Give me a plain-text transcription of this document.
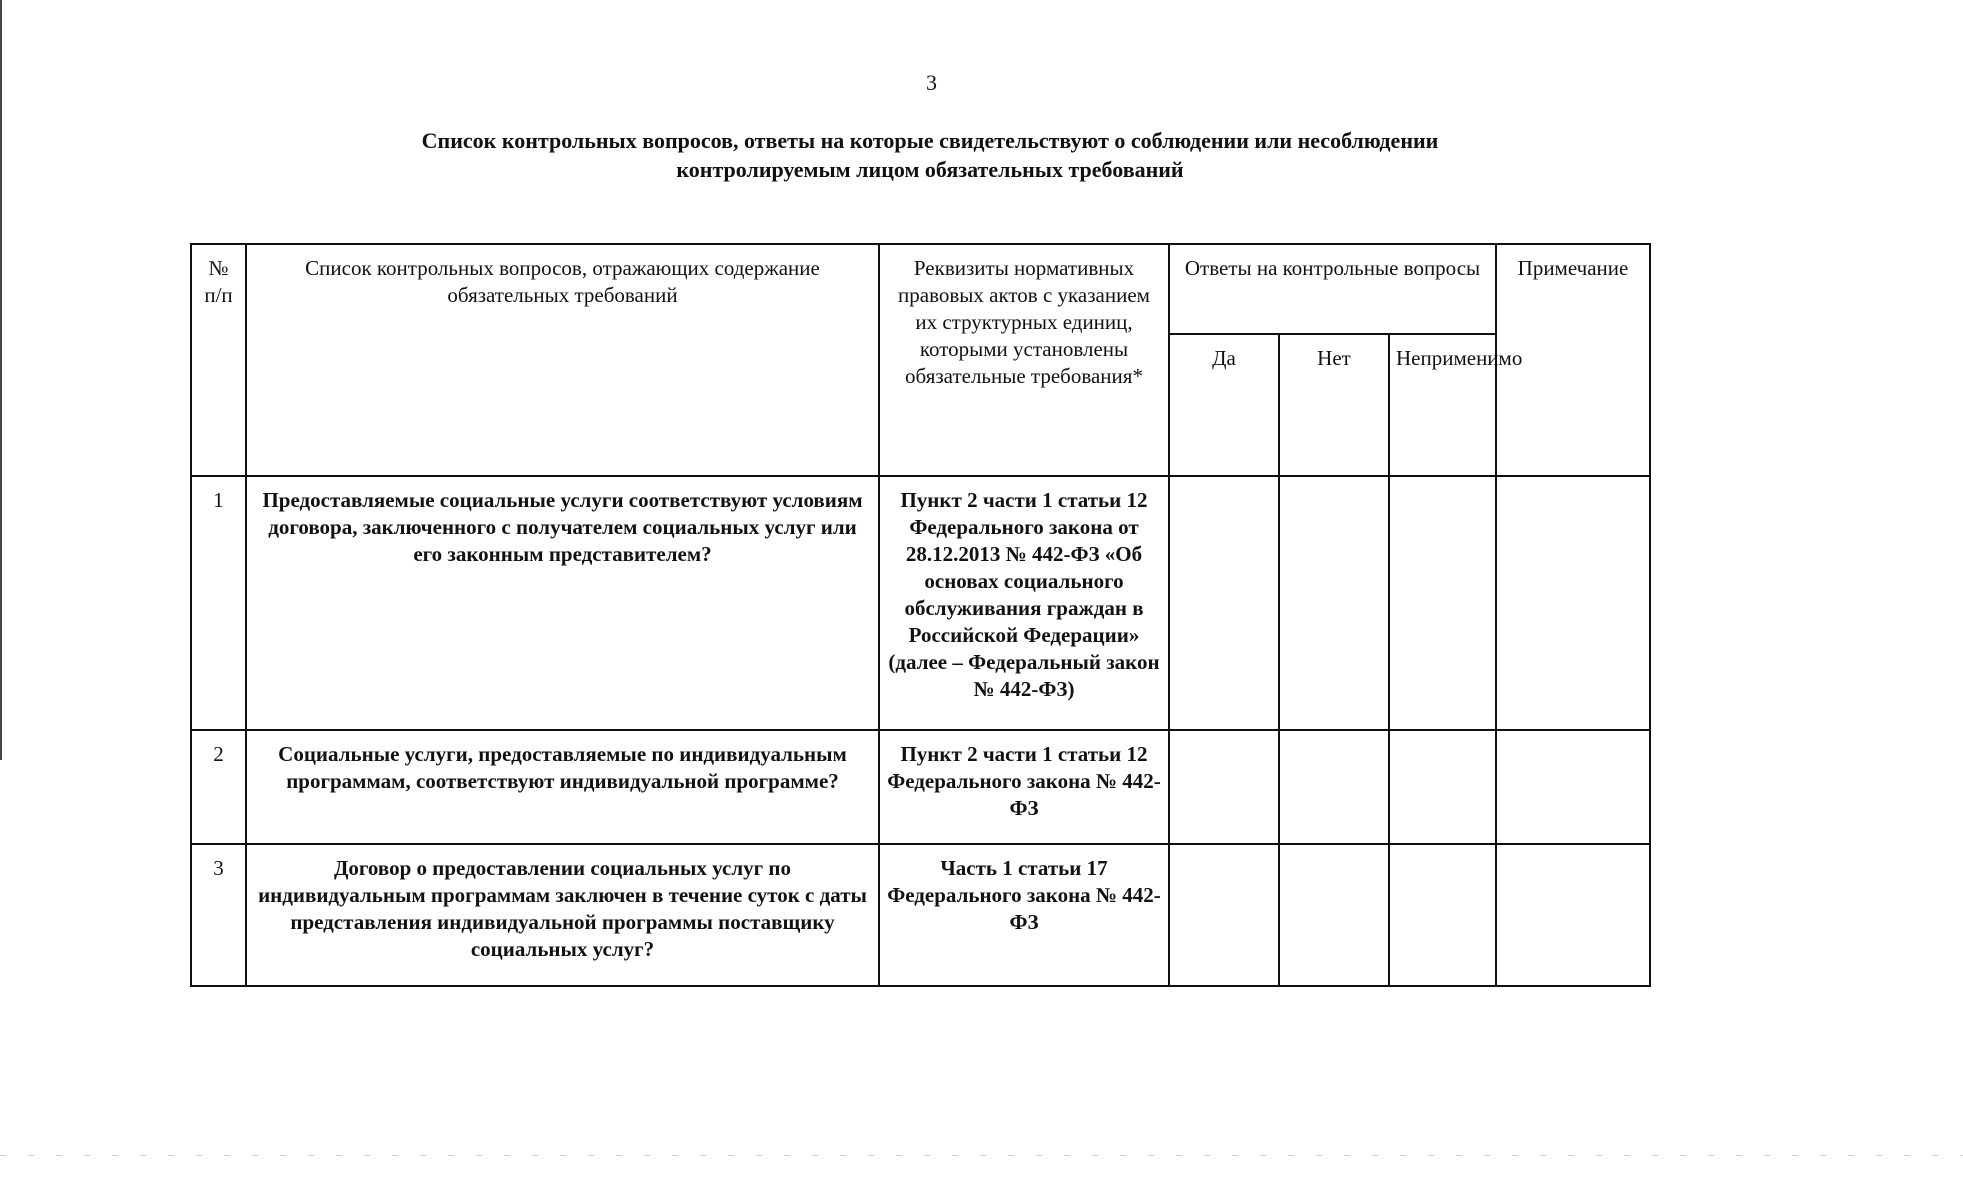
3
Список контрольных вопросов, ответы на которые свидетельствуют о соблюдении или несоблюдении
контролируемым лицом обязательных требований
№ п/п	Список контрольных вопросов, отражающих содержание обязательных требований	Реквизиты нормативных правовых актов с указанием их структурных единиц, которыми установлены обязательные требования*	Ответы на контрольные вопросы			Примечание
			Да	Нет	Неприменимо	
1	Предоставляемые социальные услуги соответствуют условиям договора, заключенного с получателем социальных услуг или его законным представителем?	Пункт 2 части 1 статьи 12 Федерального закона от 28.12.2013 № 442-ФЗ «Об основах социального обслуживания граждан в Российской Федерации» (далее – Федеральный закон № 442-ФЗ)				
2	Социальные услуги, предоставляемые по индивидуальным программам, соответствуют индивидуальной программе?	Пункт 2 части 1 статьи 12 Федерального закона № 442-ФЗ				
3	Договор о предоставлении социальных услуг по индивидуальным программам заключен в течение суток с даты представления индивидуальной программы поставщику социальных услуг?	Часть 1 статьи 17 Федерального закона № 442-ФЗ				
